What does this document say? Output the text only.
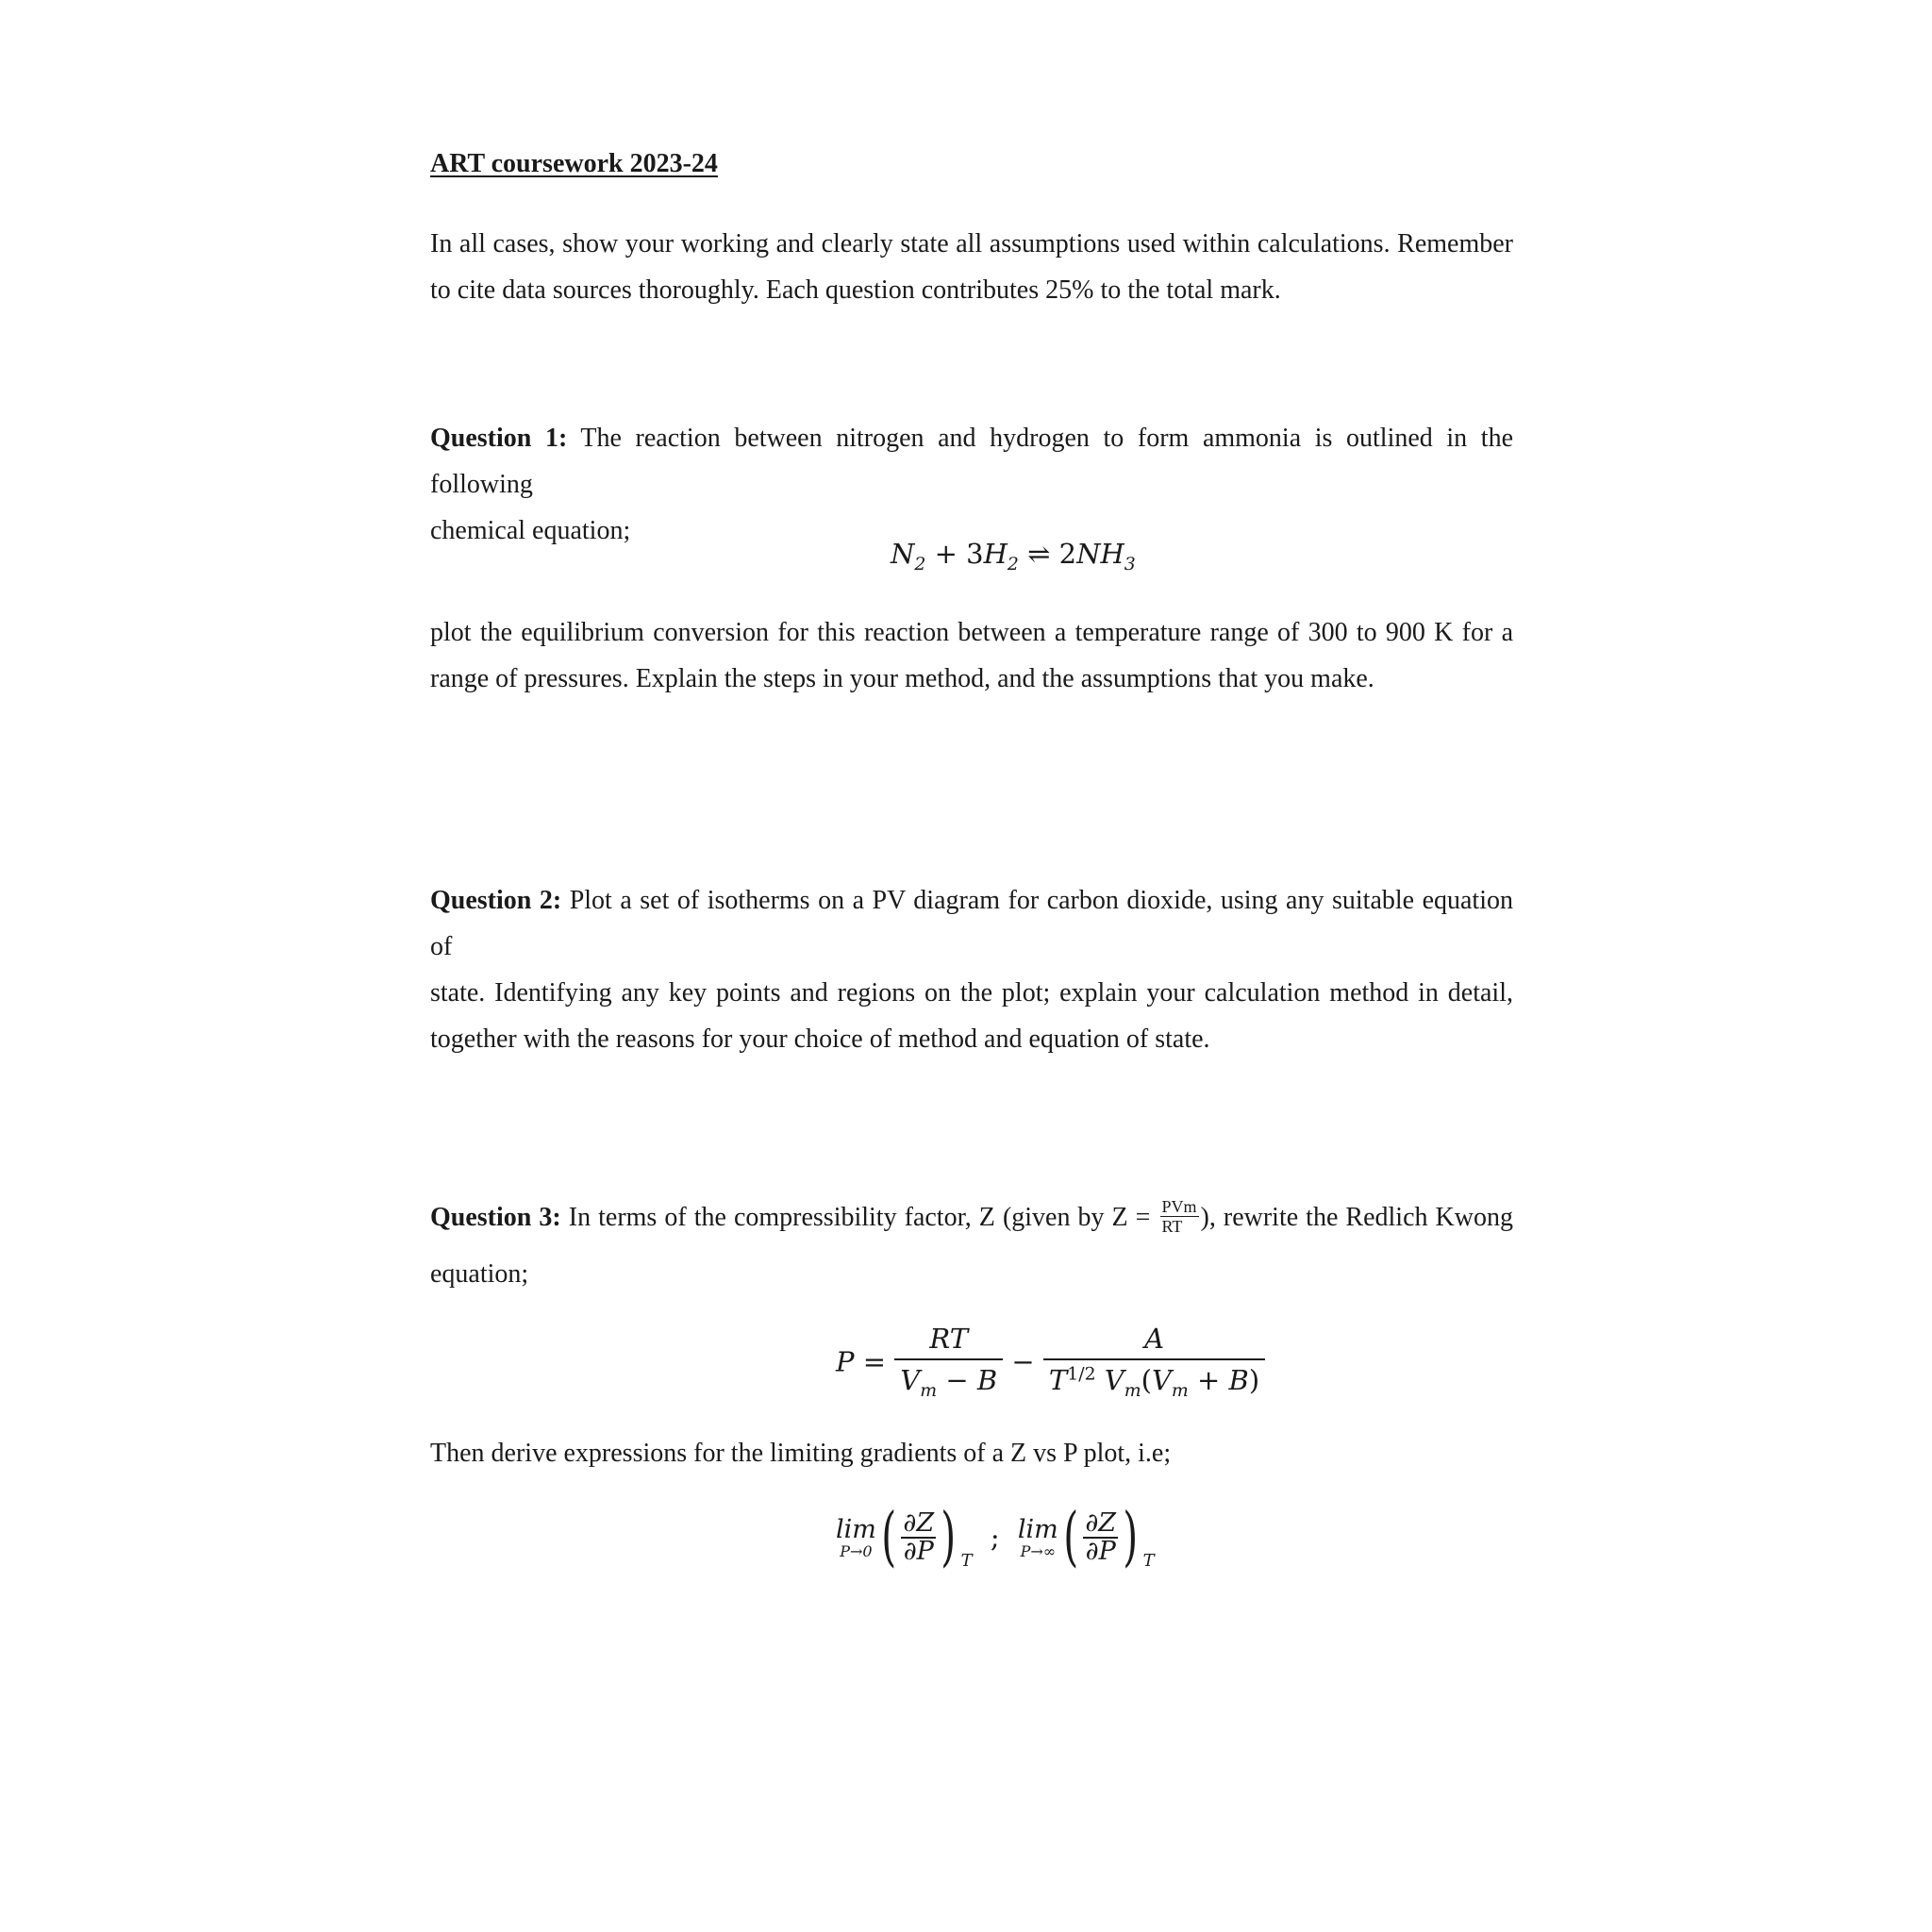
ART coursework 2023-24
In all cases, show your working and clearly state all assumptions used within calculations. Remember
to cite data sources thoroughly. Each question contributes 25% to the total mark.
Question 1: The reaction between nitrogen and hydrogen to form ammonia is outlined in the following
chemical equation;
$N_2 + 3H_2$ ⇌ $2NH_3$
plot the equilibrium conversion for this reaction between a temperature range of 300 to 900 K for a
range of pressures. Explain the steps in your method, and the assumptions that you make.
Question 2: Plot a set of isotherms on a PV diagram for carbon dioxide, using any suitable equation of
state. Identifying any key points and regions on the plot; explain your calculation method in detail,
together with the reasons for your choice of method and equation of state.
Question 3: In terms of the compressibility factor, Z (given by $Z = \frac{\text{PVm}}{RT}$ ), rewrite the Redlich Kwong
equation;
$P = \frac{RT}{V_m - B} - \frac{A}{T^{1/2} V_m(V_m + B)}$
Then derive expressions for the limiting gradients of a Z vs P plot, i.e;
lim
P→0 ( $\frac{\partial Z}{\partial P}$ ) $_T$ ; lim
P→∞ ( $\frac{\partial Z}{\partial P}$ ) $_T$
